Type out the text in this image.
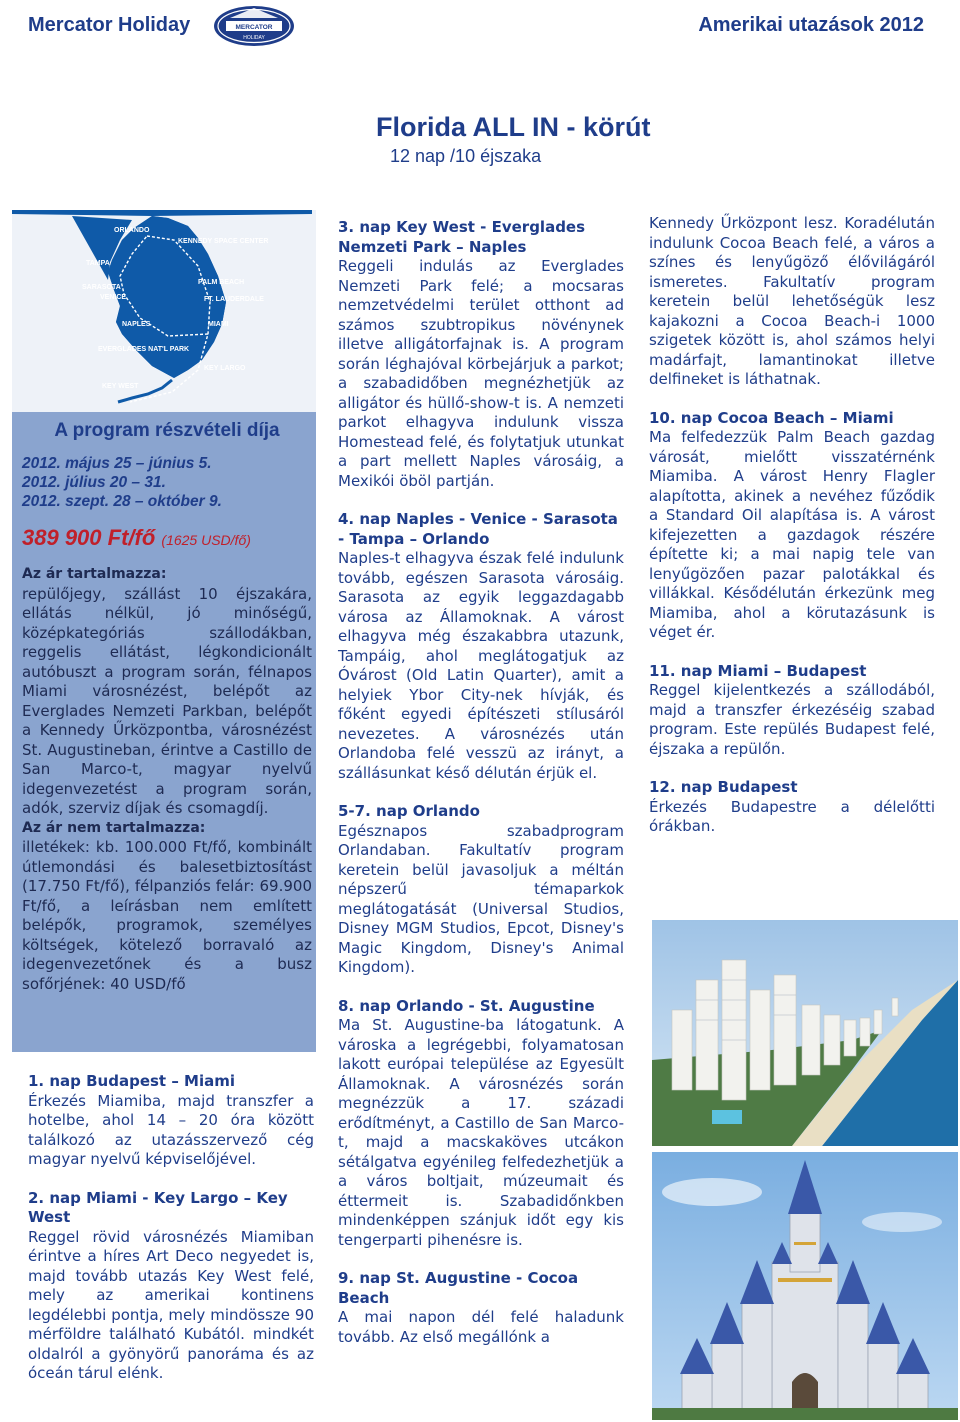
Mercator Holiday	MERCATOR
HOLIDAY
Amerikai utazások 2012
Florida ALL IN - körút
12 nap /10 éjszaka
ORLANDO
KENNEDY SPACE CENTER
TAMPA
SARASOTA
VENICE
PALM BEACH
FT. LAUDERDALE
NAPLES	MIAMI
EVERGLADES NAT'L PARK
KEY LARGO
KEY WEST
A program részvételi díja
2012. május 25 – június 5.
2012. július 20 – 31.
2012. szept. 28 – október 9.
389 900 Ft/fő (1625 USD/fő)
Az ár tartalmazza:
repülőjegy, szállást 10 éjszakára, ellátás nélkül, jó minőségű, középkategóriás szállodákban, reggelis ellátást, légkondicionált autóbuszt a program során, félnapos Miami városnézést, belépőt az Everglades Nemzeti Parkban, belépőt a Kennedy Űrközpontba, városnézést St. Augustineban, érintve a Castillo de San Marco-t, magyar nyelvű idegenvezetést a program során, adók, szerviz díjak és csomagdíj.
Az ár nem tartalmazza:
illetékek: kb. 100.000 Ft/fő, kombinált útlemondási és balesetbiztosítást (17.750 Ft/fő), félpanziós felár: 69.900 Ft/fő, a leírásban nem említett belépők, programok, személyes költségek, kötelező borravaló az idegenvezetőnek és a busz sofőrjének: 40 USD/fő
1. nap Budapest – Miami
Érkezés Miamiba, majd transzfer a hotelbe, ahol 14 – 20 óra között találkozó az utazásszervező cég magyar nyelvű képviselőjével.
2. nap Miami - Key Largo – Key West
Reggel rövid városnézés Miamiban érintve a híres Art Deco negyedet is, majd tovább utazás Key West felé, mely az amerikai kontinens legdélebbi pontja, mely mindössze 90 mérföldre található Kubától. mindkét oldalról a gyönyörű panoráma és az óceán tárul elénk.
3. nap Key West - Everglades Nemzeti Park – Naples
Reggeli indulás az Everglades Nemzeti Park felé; a mocsaras nemzetvédelmi terület otthont ad számos szubtropikus növénynek illetve alligátorfajnak is. A program során léghajóval körbejárjuk a parkot; a szabadidőben megnézhetjük az alligátor és hüllő-show-t is. A nemzeti parkot elhagyva indulunk vissza Homestead felé, és folytatjuk utunkat a part mellett Naples városáig, a Mexikói öböl partján.
4. nap Naples - Venice - Sarasota - Tampa – Orlando
Naples-t elhagyva észak felé indulunk tovább, egészen Sarasota városáig. Sarasota az egyik leggazdagabb városa az Államoknak. A várost elhagyva még északabbra utazunk, Tampáig, ahol meglátogatjuk az Óvárost (Old Latin Quarter), amit a helyiek Ybor City-nek hívják, és főként egyedi építészeti stílusáról nevezetes. A városnézés után Orlandoba felé vesszü az irányt, a szállásunkat késő délután érjük el.
5-7. nap Orlando
Egésznapos szabadprogram Orlandaban. Fakultatív program keretein belül javasoljuk a méltán népszerű témaparkok meglátogatását (Universal Studios, Disney MGM Studios, Epcot, Disney's Magic Kingdom, Disney's Animal Kingdom).
8. nap Orlando - St. Augustine
Ma St. Augustine-ba látogatunk. A városka a legrégebbi, folyamatosan lakott európai települése az Egyesült Államoknak. A városnézés során megnézzük a 17. századi erődítményt, a Castillo de San Marco-t, majd a macskaköves utcákon sétálgatva egyénileg felfedezhetjük a a város boltjait, múzeumait és éttermeit is. Szabadidőnkben mindenképpen szánjuk időt egy kis tengerparti pihenésre is.
9. nap St. Augustine - Cocoa Beach
A mai napon dél felé haladunk tovább. Az első megállónk a
Kennedy Űrközpont lesz. Koradélután indulunk Cocoa Beach felé, a város a színes és lenyűgöző élővilágáról ismeretes. Fakultatív program keretein belül lehetőségük lesz kajakozni a Cocoa Beach-i 1000 szigetek között is, ahol számos helyi madárfajt, lamantinokat illetve delfineket is láthatnak.
10. nap Cocoa Beach – Miami
Ma felfedezzük Palm Beach gazdag városát, mielőtt visszatérnénk Miamiba. A várost Henry Flagler alapította, akinek a nevéhez fűződik a Standard Oil alapítása is. A várost kifejezetten a gazdagok részére építette ki; a mai napig tele van lenyűgözően pazar palotákkal és villákkal. Késődélután érkezünk meg Miamiba, ahol a körutazásunk is véget ér.
11. nap Miami – Budapest
Reggel kijelentkezés a szállodából, majd a transzfer érkezéséig szabad program. Este repülés Budapest felé, éjszaka a repülőn.
12. nap Budapest
Érkezés Budapestre a délelőtti órákban.
